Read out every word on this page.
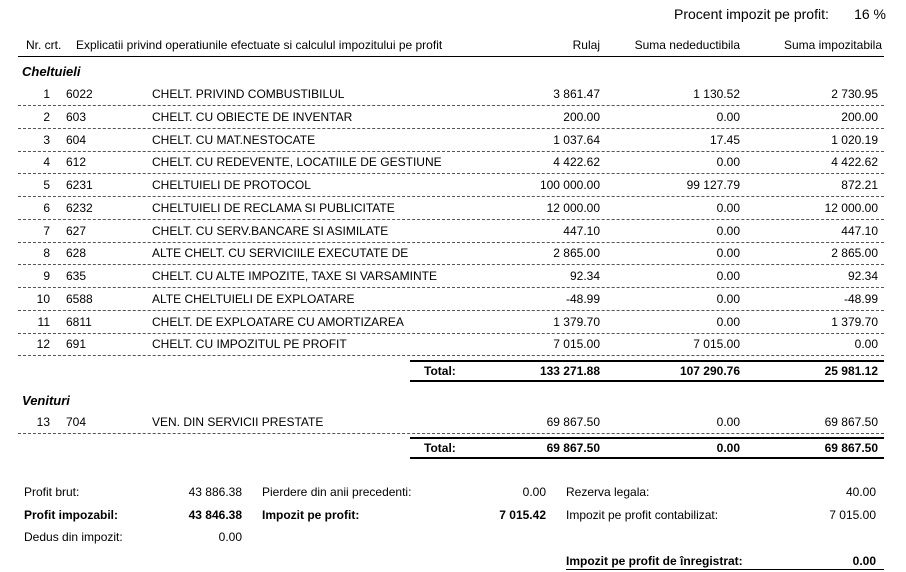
Procent impozit pe profit:	16 %
Nr. crt. Explicatii privind operatiunile efectuate si calculul impozitului pe profit	Rulaj	Suma nedeductibila	Suma impozitabila
Cheltuieli
1 6022	CHELT. PRIVIND COMBUSTIBILUL	3 861.47	1 130.52	2 730.95
2 603	CHELT. CU OBIECTE DE INVENTAR	200.00	0.00	200.00
3 604	CHELT. CU MAT.NESTOCATE	1 037.64	17.45	1 020.19
4 612	CHELT. CU REDEVENTE, LOCATIILE DE GESTIUNE	4 422.62	0.00	4 422.62
5 6231	CHELTUIELI DE PROTOCOL	100 000.00	99 127.79	872.21
6 6232	CHELTUIELI DE RECLAMA SI PUBLICITATE	12 000.00	0.00	12 000.00
7 627	CHELT. CU SERV.BANCARE SI ASIMILATE	447.10	0.00	447.10
8 628	ALTE CHELT. CU SERVICIILE EXECUTATE DE	2 865.00	0.00	2 865.00
9 635	CHELT. CU ALTE IMPOZITE, TAXE SI VARSAMINTE	92.34	0.00	92.34
10 6588	ALTE CHELTUIELI DE EXPLOATARE	-48.99	0.00	-48.99
11 6811	CHELT. DE EXPLOATARE CU AMORTIZAREA	1 379.70	0.00	1 379.70
12 691	CHELT. CU IMPOZITUL PE PROFIT	7 015.00	7 015.00	0.00
Total:	133 271.88	107 290.76	25 981.12
Venituri
13 704	VEN. DIN SERVICII PRESTATE	69 867.50	0.00	69 867.50
Total:	69 867.50	0.00	69 867.50
Profit brut:	43 886.38
Profit impozabil:	43 846.38
Dedus din impozit:	0.00
Pierdere din anii precedenti:	0.00
Impozit pe profit:	7 015.42
Rezerva legala:	40.00
Impozit pe profit contabilizat:	7 015.00
Impozit pe profit de înregistrat:	0.00
